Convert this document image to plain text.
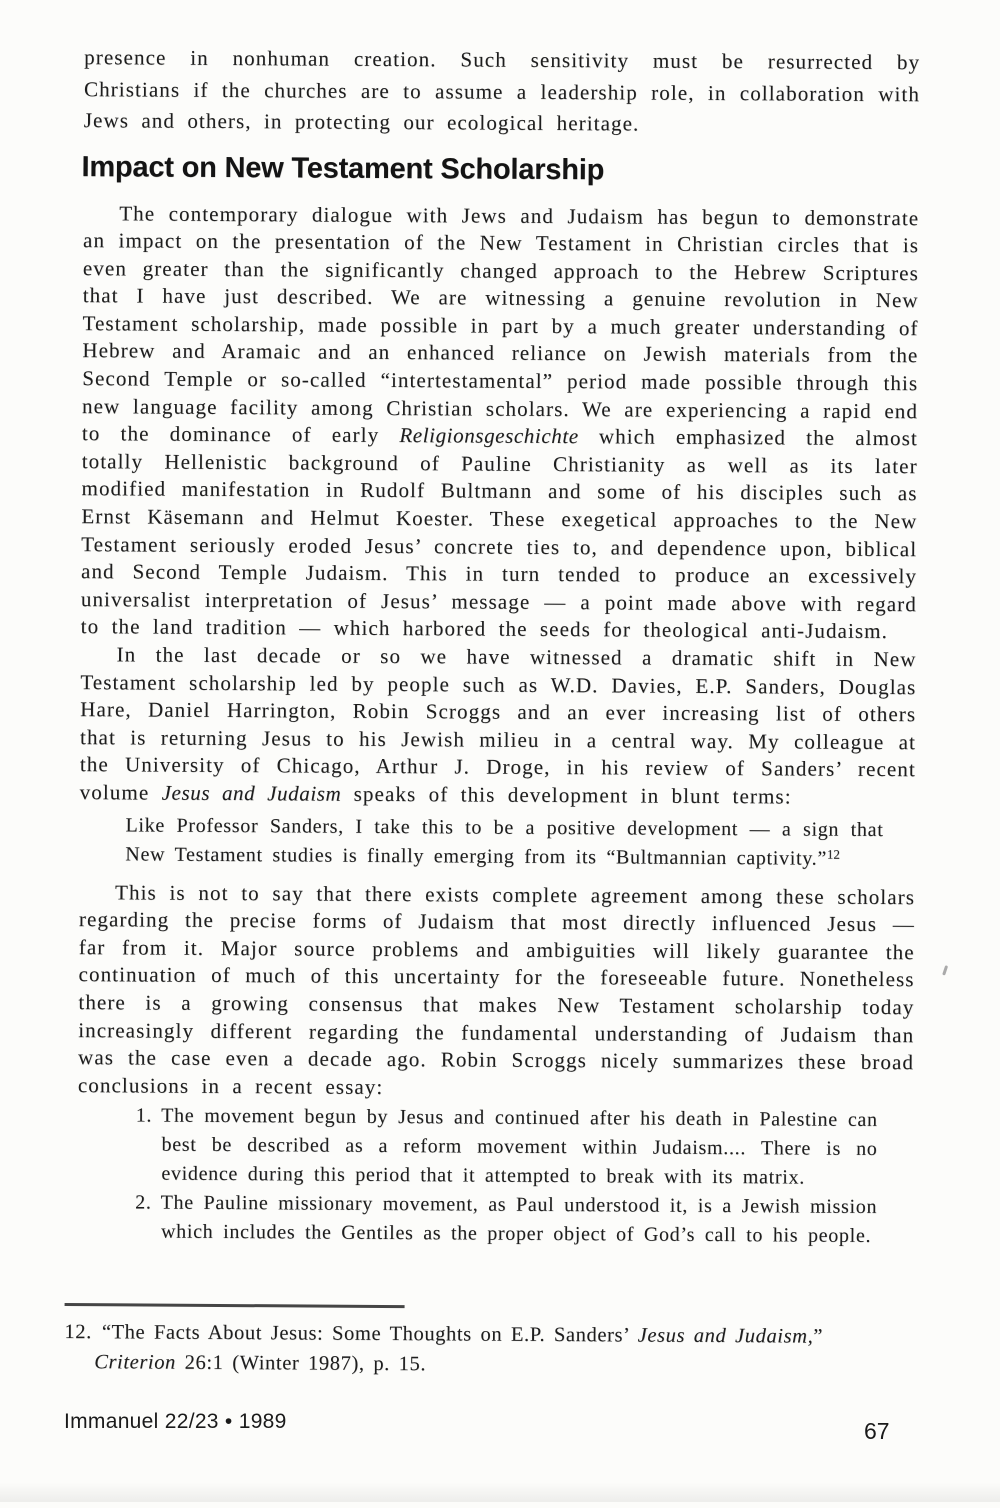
presence in nonhuman creation. Such sensitivity must be resurrected by Christians if the churches are to assume a leadership role, in collaboration with Jews and others, in protecting our ecological heritage.

Impact on New Testament Scholarship

The contemporary dialogue with Jews and Judaism has begun to demonstrate an impact on the presentation of the New Testament in Christian circles that is even greater than the significantly changed approach to the Hebrew Scriptures that I have just described. We are witnessing a genuine revolution in New Testament scholarship, made possible in part by a much greater understanding of Hebrew and Aramaic and an enhanced reliance on Jewish materials from the Second Temple or so-called “intertestamental” period made possible through this new language facility among Christian scholars. We are experiencing a rapid end to the dominance of early Religionsgeschichte which emphasized the almost totally Hellenistic background of Pauline Christianity as well as its later modified manifestation in Rudolf Bultmann and some of his disciples such as Ernst Käsemann and Helmut Koester. These exegetical approaches to the New Testament seriously eroded Jesus’ concrete ties to, and dependence upon, biblical and Second Temple Judaism. This in turn tended to produce an excessively universalist interpretation of Jesus’ message — a point made above with regard to the land tradition — which harbored the seeds for theological anti-Judaism.

In the last decade or so we have witnessed a dramatic shift in New Testament scholarship led by people such as W.D. Davies, E.P. Sanders, Douglas Hare, Daniel Harrington, Robin Scroggs and an ever increasing list of others that is returning Jesus to his Jewish milieu in a central way. My colleague at the University of Chicago, Arthur J. Droge, in his review of Sanders’ recent volume Jesus and Judaism speaks of this development in blunt terms:

Like Professor Sanders, I take this to be a positive development — a sign that New Testament studies is finally emerging from its “Bultmannian captivity.”$^{12}$

This is not to say that there exists complete agreement among these scholars regarding the precise forms of Judaism that most directly influenced Jesus — far from it. Major source problems and ambiguities will likely guarantee the continuation of much of this uncertainty for the foreseeable future. Nonetheless there is a growing consensus that makes New Testament scholarship today increasingly different regarding the fundamental understanding of Judaism than was the case even a decade ago. Robin Scroggs nicely summarizes these broad conclusions in a recent essay:

1. The movement begun by Jesus and continued after his death in Palestine can best be described as a reform movement within Judaism.... There is no evidence during this period that it attempted to break with its matrix.
2. The Pauline missionary movement, as Paul understood it, is a Jewish mission which includes the Gentiles as the proper object of God’s call to his people.

12. “The Facts About Jesus: Some Thoughts on E.P. Sanders’ Jesus and Judaism,” Criterion 26:1 (Winter 1987), p. 15.

Immanuel 22/23 • 1989	67
